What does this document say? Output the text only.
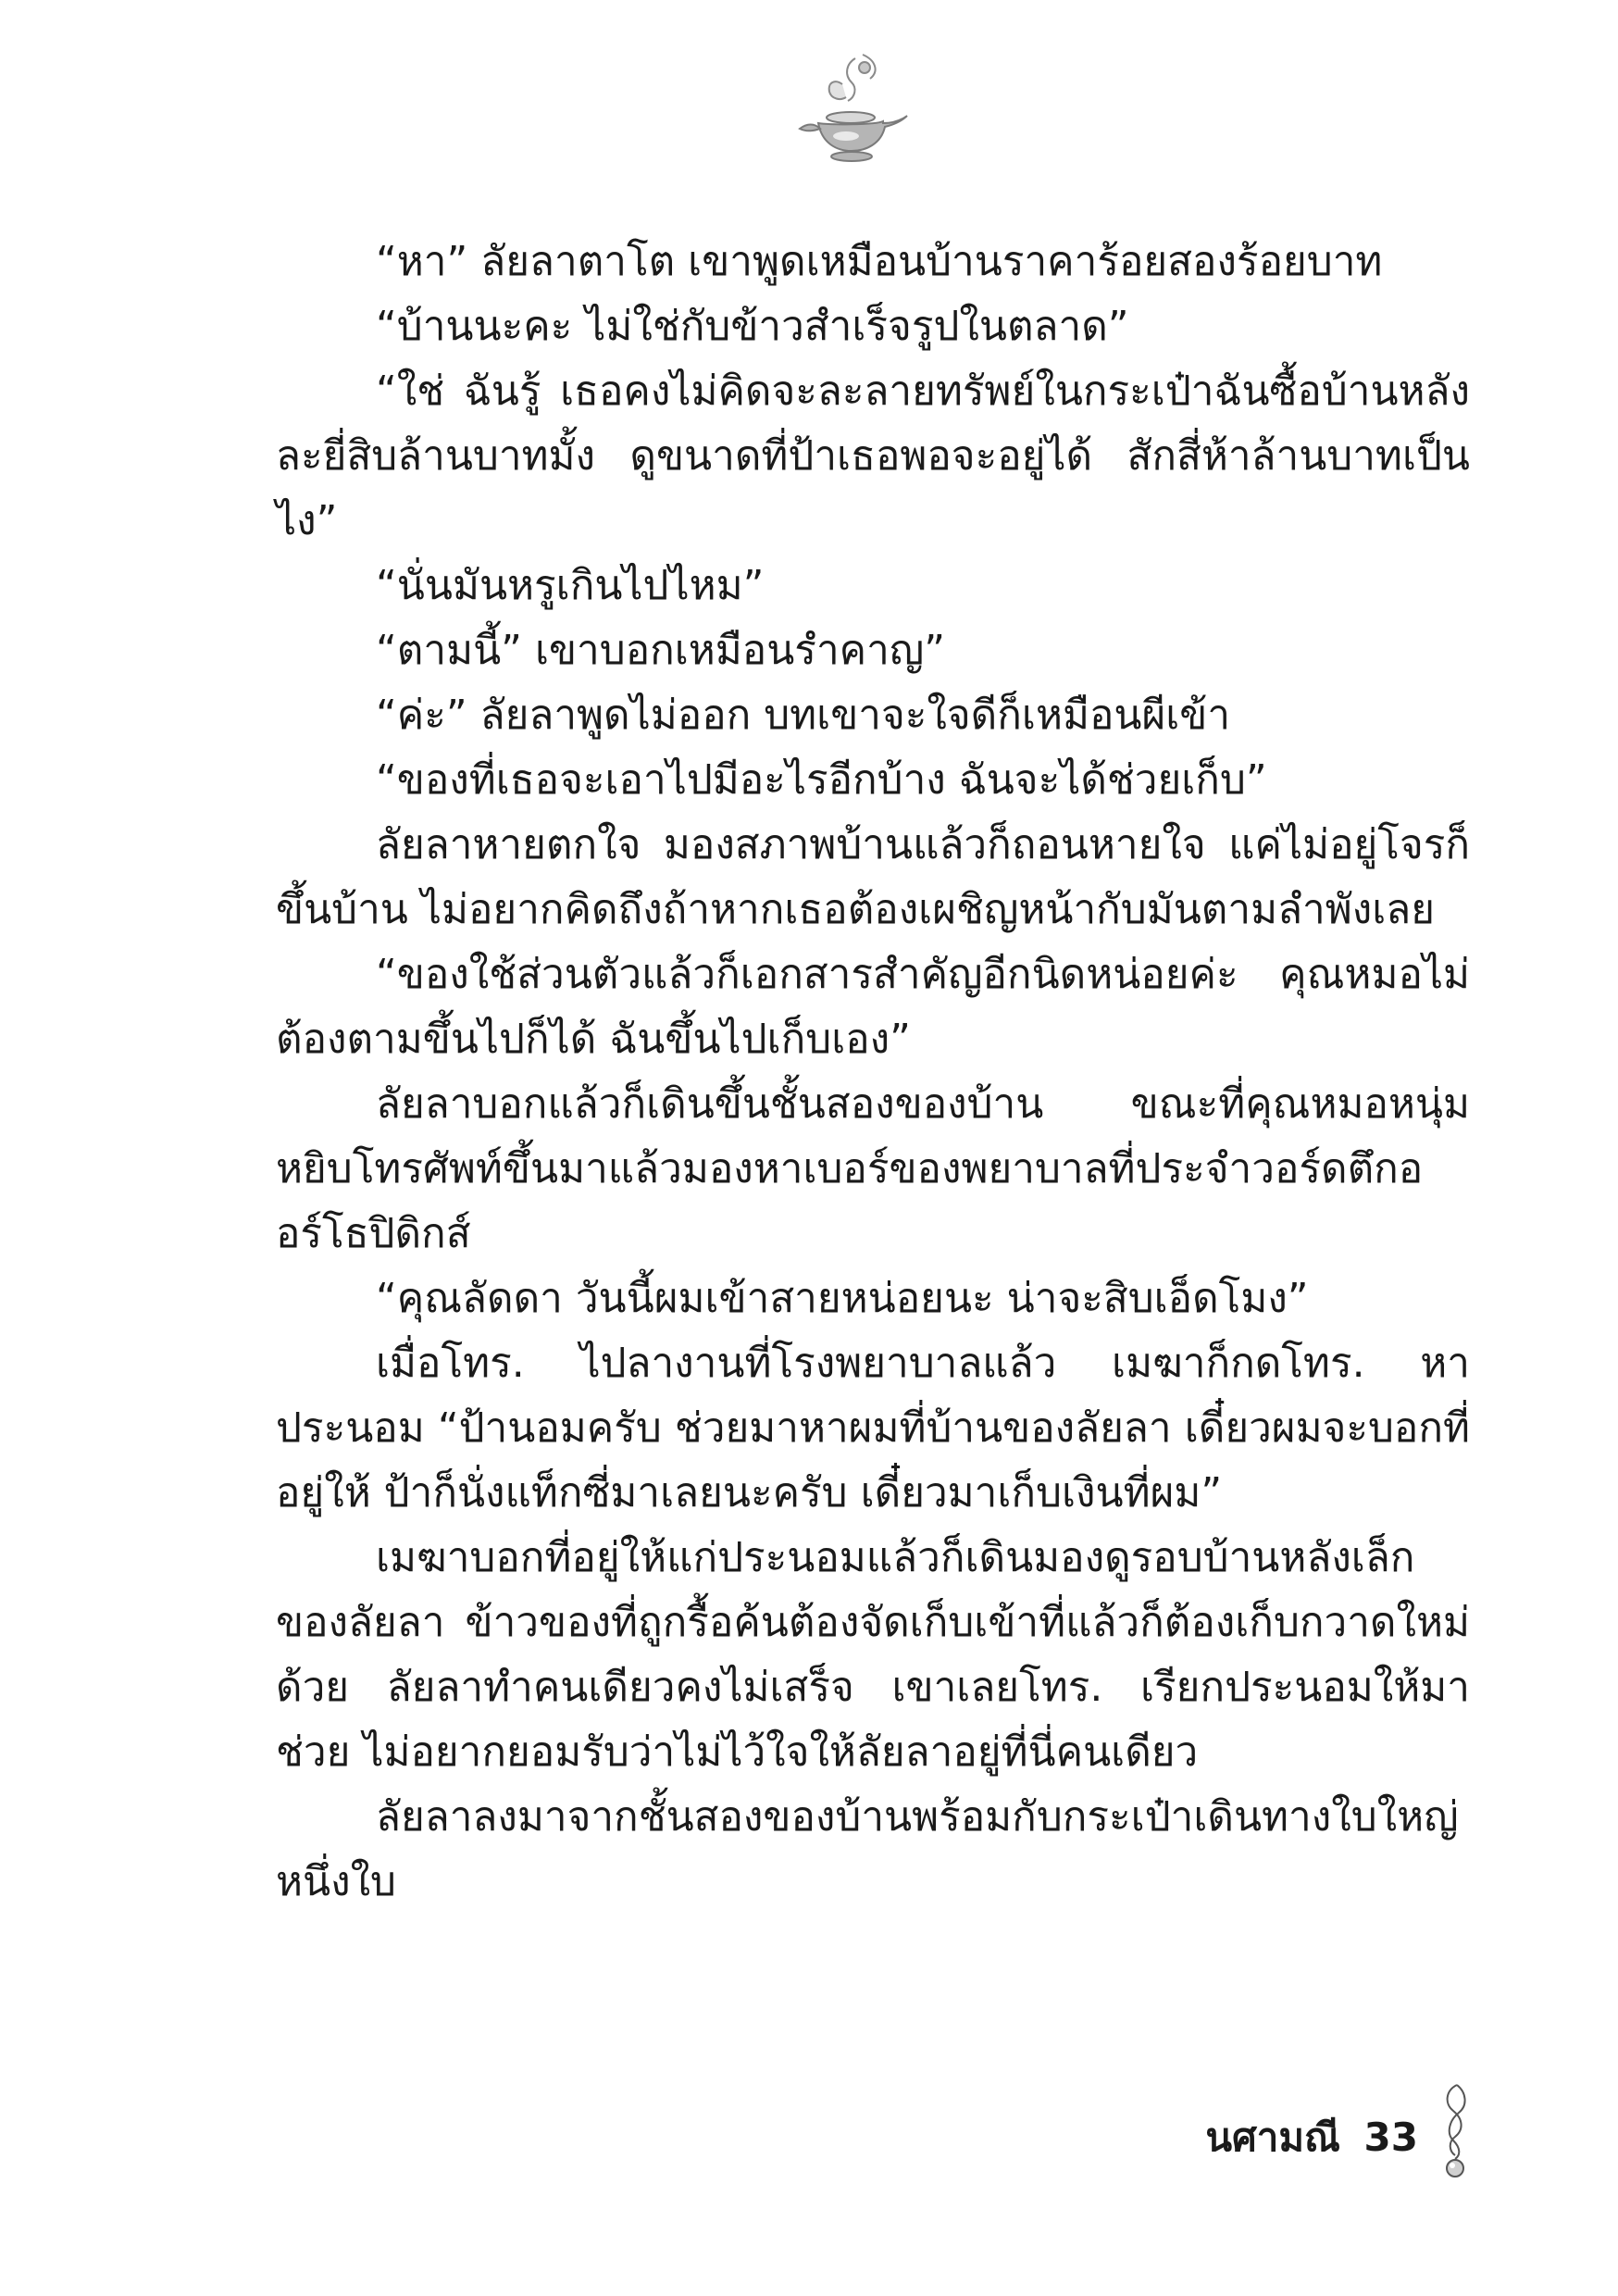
“หา” ลัยลาตาโต เขาพูดเหมือนบ้านราคาร้อยสองร้อยบาท

“บ้านนะคะ ไม่ใช่กับข้าวสำเร็จรูปในตลาด”

“ใช่ ฉันรู้ เธอคงไม่คิดจะละลายทรัพย์ในกระเป๋าฉันซื้อบ้านหลังละยี่สิบล้านบาทมั้ง ดูขนาดที่ป้าเธอพอจะอยู่ได้ สักสี่ห้าล้านบาทเป็นไง”

“นั่นมันหรูเกินไปไหม”

“ตามนี้” เขาบอกเหมือนรำคาญ”

“ค่ะ” ลัยลาพูดไม่ออก บทเขาจะใจดีก็เหมือนผีเข้า

“ของที่เธอจะเอาไปมีอะไรอีกบ้าง ฉันจะได้ช่วยเก็บ”

ลัยลาหายตกใจ มองสภาพบ้านแล้วก็ถอนหายใจ แค่ไม่อยู่โจรก็ขึ้นบ้าน ไม่อยากคิดถึงถ้าหากเธอต้องเผชิญหน้ากับมันตามลำพังเลย

“ของใช้ส่วนตัวแล้วก็เอกสารสำคัญอีกนิดหน่อยค่ะ คุณหมอไม่ต้องตามขึ้นไปก็ได้ ฉันขึ้นไปเก็บเอง”

ลัยลาบอกแล้วก็เดินขึ้นชั้นสองของบ้าน ขณะที่คุณหมอหนุ่มหยิบโทรศัพท์ขึ้นมาแล้วมองหาเบอร์ของพยาบาลที่ประจำวอร์ดตึกออร์โธปิดิกส์

“คุณลัดดา วันนี้ผมเข้าสายหน่อยนะ น่าจะสิบเอ็ดโมง”

เมื่อโทร. ไปลางานที่โรงพยาบาลแล้ว เมฆาก็กดโทร. หาประนอม “ป้านอมครับ ช่วยมาหาผมที่บ้านของลัยลา เดี๋ยวผมจะบอกที่อยู่ให้ ป้าก็นั่งแท็กซี่มาเลยนะครับ เดี๋ยวมาเก็บเงินที่ผม”

เมฆาบอกที่อยู่ให้แก่ประนอมแล้วก็เดินมองดูรอบบ้านหลังเล็กของลัยลา ข้าวของที่ถูกรื้อค้นต้องจัดเก็บเข้าที่แล้วก็ต้องเก็บกวาดใหม่ด้วย ลัยลาทำคนเดียวคงไม่เสร็จ เขาเลยโทร. เรียกประนอมให้มาช่วย ไม่อยากยอมรับว่าไม่ไว้ใจให้ลัยลาอยู่ที่นี่คนเดียว

ลัยลาลงมาจากชั้นสองของบ้านพร้อมกับกระเป๋าเดินทางใบใหญ่หนึ่งใบ

นศามณี 33
